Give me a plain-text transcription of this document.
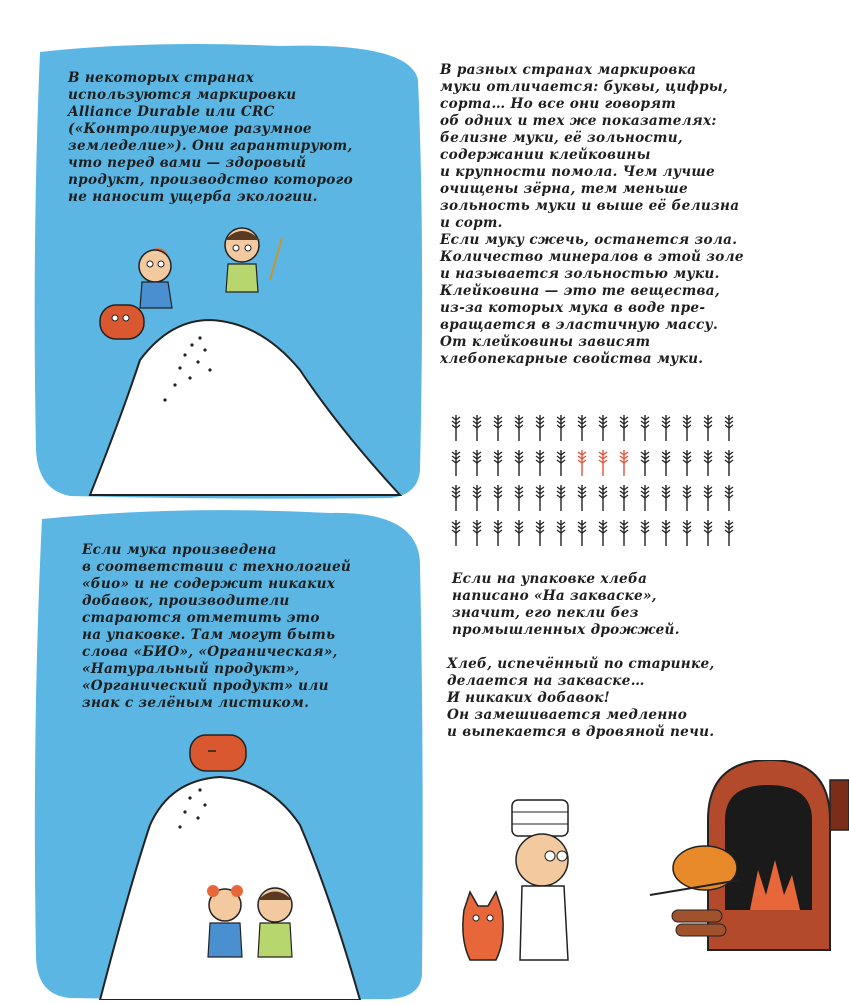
В некоторых странах
используются маркировки
Alliance Durable или CRC
(«Контролируемое разумное
земледелие»). Они гарантируют,
что перед вами — здоровый
продукт, производство которого
не наносит ущерба экологии.
В разных странах маркировка
муки отличается: буквы, цифры,
сорта… Но все они говорят
об одних и тех же показателях:
белизне муки, её зольности,
содержании клейковины
и крупности помола. Чем лучше
очищены зёрна, тем меньше
зольность муки и выше её белизна
и сорт.
Если муку сжечь, останется зола.
Количество минералов в этой золе
и называется зольностью муки.
Клейковина — это те вещества,
из-за которых мука в воде пре-
вращается в эластичную массу.
От клейковины зависят
хлебопекарные свойства муки.
Если мука произведена
в соответствии с технологией
«био» и не содержит никаких
добавок, производители
стараются отметить это
на упаковке. Там могут быть
слова «БИО», «Органическая»,
«Натуральный продукт»,
«Органический продукт» или
знак с зелёным листиком.
Если на упаковке хлеба
написано «На закваске»,
значит, его пекли без
промышленных дрожжей.
Хлеб, испечённый по старинке,
делается на закваске…
И никаких добавок!
Он замешивается медленно
и выпекается в дровяной печи.
